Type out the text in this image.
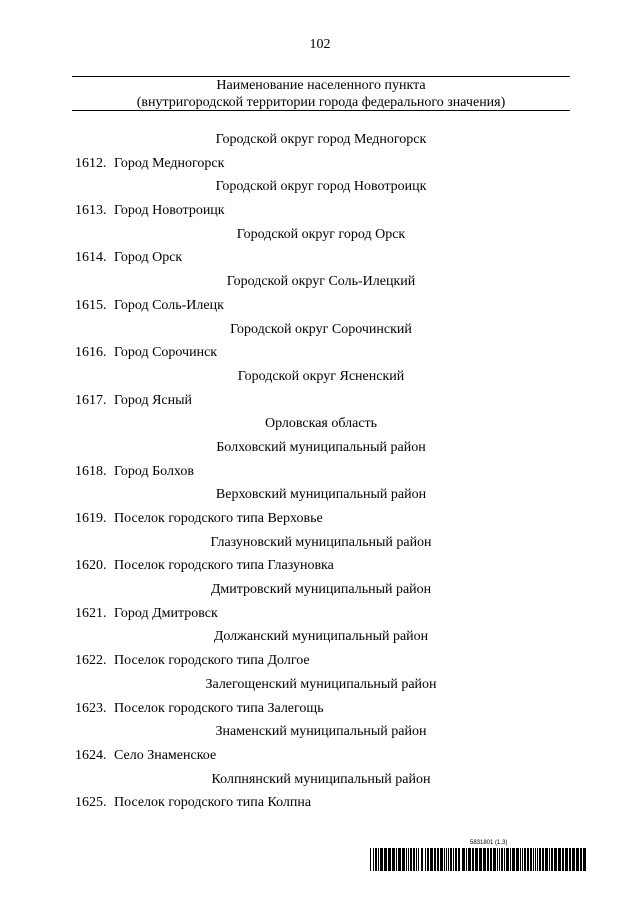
102
Наименование населенного пункта
(внутригородской территории города федерального значения)
Городской округ город Медногорск
1612. Город Медногорск
Городской округ город Новотроицк
1613. Город Новотроицк
Городской округ город Орск
1614. Город Орск
Городской округ Соль-Илецкий
1615. Город Соль-Илецк
Городской округ Сорочинский
1616. Город Сорочинск
Городской округ Ясненский
1617. Город Ясный
Орловская область
Болховский муниципальный район
1618. Город Болхов
Верховский муниципальный район
1619. Поселок городского типа Верховье
Глазуновский муниципальный район
1620. Поселок городского типа Глазуновка
Дмитровский муниципальный район
1621. Город Дмитровск
Должанский муниципальный район
1622. Поселок городского типа Долгое
Залегощенский муниципальный район
1623. Поселок городского типа Залегощь
Знаменский муниципальный район
1624. Село Знаменское
Колпнянский муниципальный район
1625. Поселок городского типа Колпна
5831801 (1.3)
